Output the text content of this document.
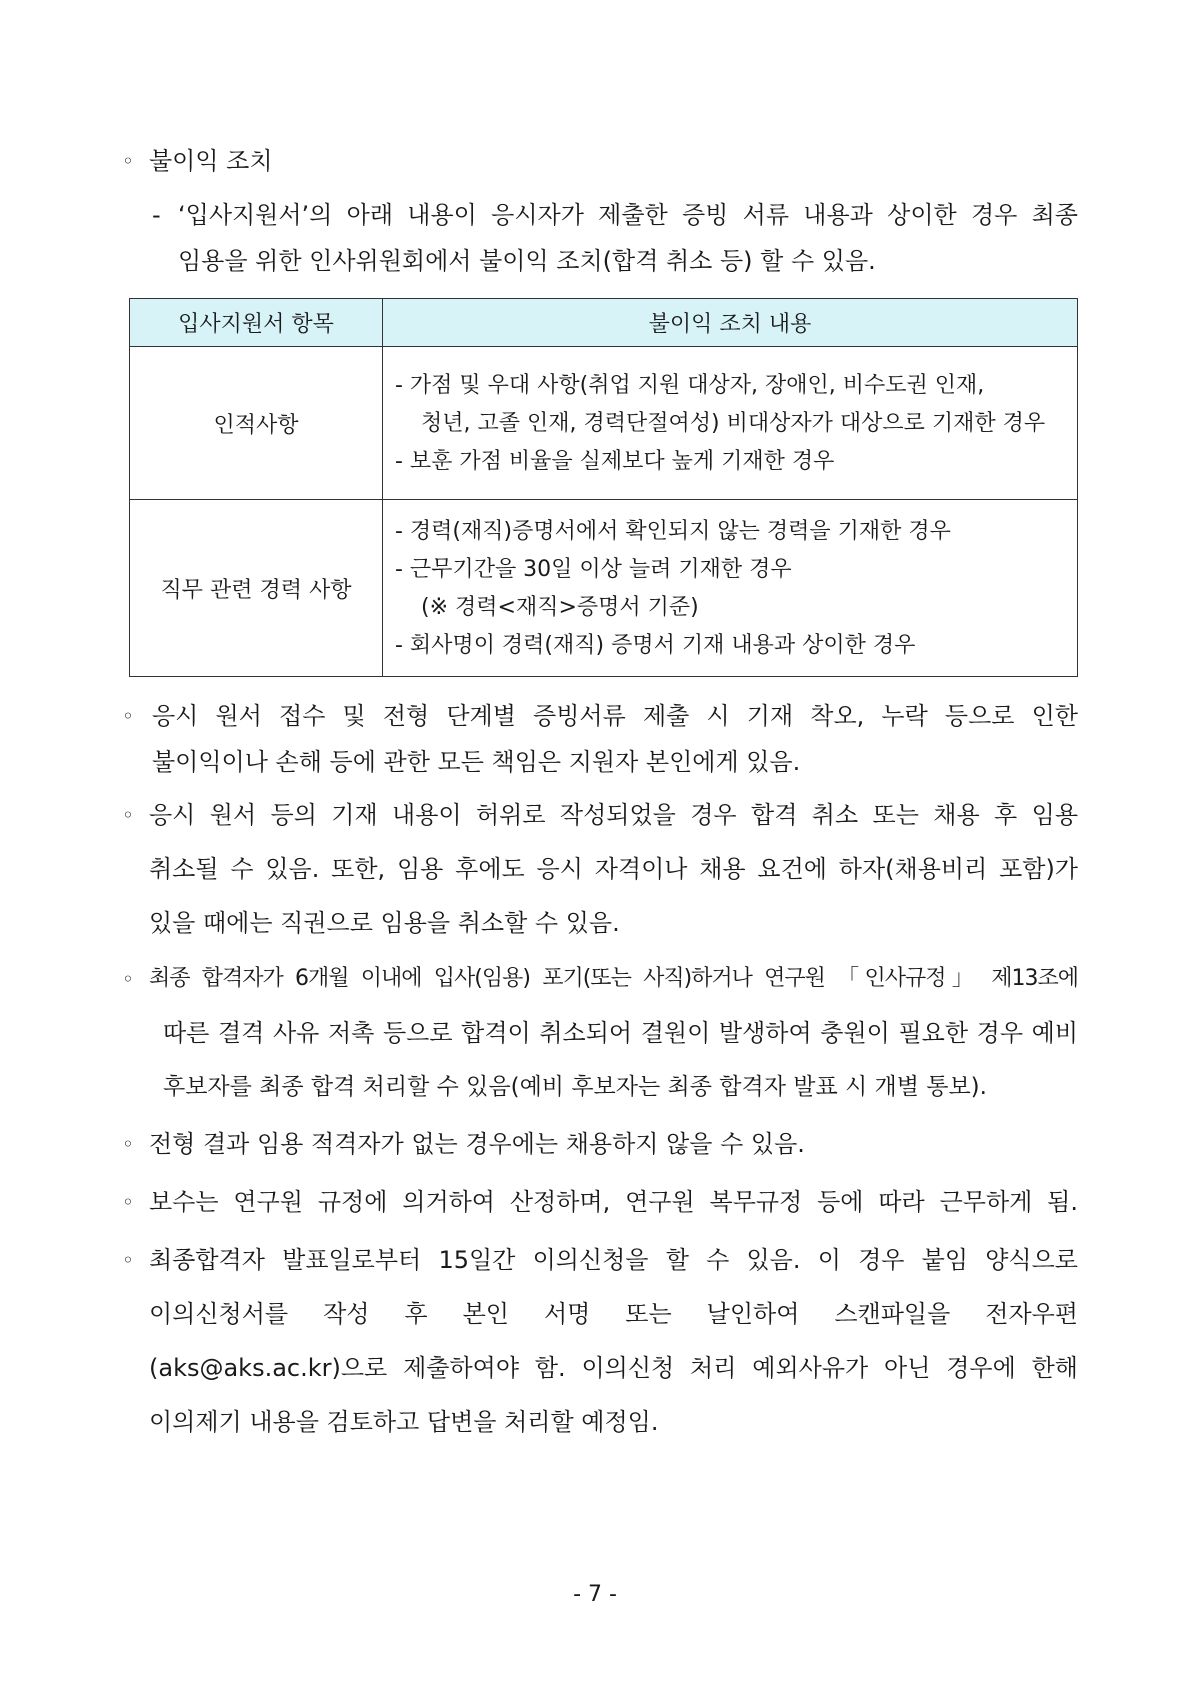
◦ 불이익 조치
- ‘입사지원서’의 아래 내용이 응시자가 제출한 증빙 서류 내용과 상이한 경우 최종
임용을 위한 인사위원회에서 불이익 조치(합격 취소 등) 할 수 있음.
입사지원서 항목	불이익 조치 내용
인적사항	- 가점 및 우대 사항(취업 지원 대상자, 장애인, 비수도권 인재,
청년, 고졸 인재, 경력단절여성) 비대상자가 대상으로 기재한 경우
- 보훈 가점 비율을 실제보다 높게 기재한 경우

직무 관련 경력 사항	- 경력(재직)증명서에서 확인되지 않는 경력을 기재한 경우
- 근무기간을 30일 이상 늘려 기재한 경우
(※ 경력<재직>증명서 기준)
- 회사명이 경력(재직) 증명서 기재 내용과 상이한 경우
◦ 응시 원서 접수 및 전형 단계별 증빙서류 제출 시 기재 착오, 누락 등으로 인한
불이익이나 손해 등에 관한 모든 책임은 지원자 본인에게 있음.
◦ 응시 원서 등의 기재 내용이 허위로 작성되었을 경우 합격 취소 또는 채용 후 임용
취소될 수 있음. 또한, 임용 후에도 응시 자격이나 채용 요건에 하자(채용비리 포함)가
있을 때에는 직권으로 임용을 취소할 수 있음.
◦ 최종 합격자가 6개월 이내에 입사(임용) 포기(또는 사직)하거나 연구원 「인사규정」 제13조에
따른 결격 사유 저촉 등으로 합격이 취소되어 결원이 발생하여 충원이 필요한 경우 예비
후보자를 최종 합격 처리할 수 있음(예비 후보자는 최종 합격자 발표 시 개별 통보).
◦ 전형 결과 임용 적격자가 없는 경우에는 채용하지 않을 수 있음.
◦ 보수는 연구원 규정에 의거하여 산정하며, 연구원 복무규정 등에 따라 근무하게 됨.
◦ 최종합격자 발표일로부터 15일간 이의신청을 할 수 있음. 이 경우 붙임 양식으로
이의신청서를 작성 후 본인 서명 또는 날인하여 스캔파일을 전자우편
(aks@aks.ac.kr)으로 제출하여야 함. 이의신청 처리 예외사유가 아닌 경우에 한해
이의제기 내용을 검토하고 답변을 처리할 예정임.
- 7 -
